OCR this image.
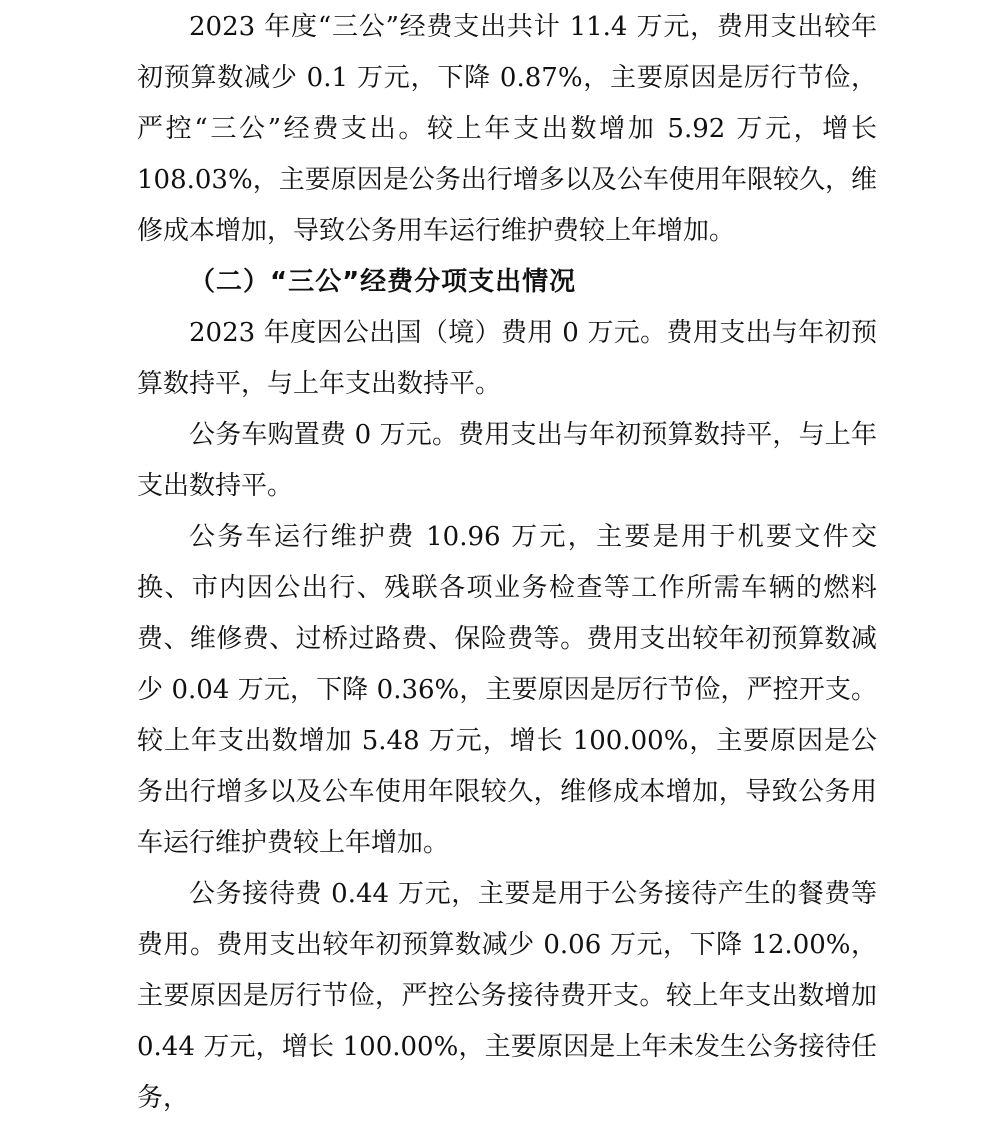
2023 年度“三公”经费支出共计 11.4 万元，费用支出较年初预算数减少 0.1 万元，下降 0.87%，主要原因是厉行节俭，严控“三公”经费支出。较上年支出数增加 5.92 万元，增长 108.03%，主要原因是公务出行增多以及公车使用年限较久，维修成本增加，导致公务用车运行维护费较上年增加。

（二）“三公”经费分项支出情况

2023 年度因公出国（境）费用 0 万元。费用支出与年初预算数持平，与上年支出数持平。

公务车购置费 0 万元。费用支出与年初预算数持平，与上年支出数持平。

公务车运行维护费 10.96 万元，主要是用于机要文件交换、市内因公出行、残联各项业务检查等工作所需车辆的燃料费、维修费、过桥过路费、保险费等。费用支出较年初预算数减少 0.04 万元，下降 0.36%，主要原因是厉行节俭，严控开支。较上年支出数增加 5.48 万元，增长 100.00%，主要原因是公务出行增多以及公车使用年限较久，维修成本增加，导致公务用车运行维护费较上年增加。

公务接待费 0.44 万元，主要是用于公务接待产生的餐费等费用。费用支出较年初预算数减少 0.06 万元，下降 12.00%，主要原因是厉行节俭，严控公务接待费开支。较上年支出数增加 0.44 万元，增长 100.00%，主要原因是上年未发生公务接待任务，
